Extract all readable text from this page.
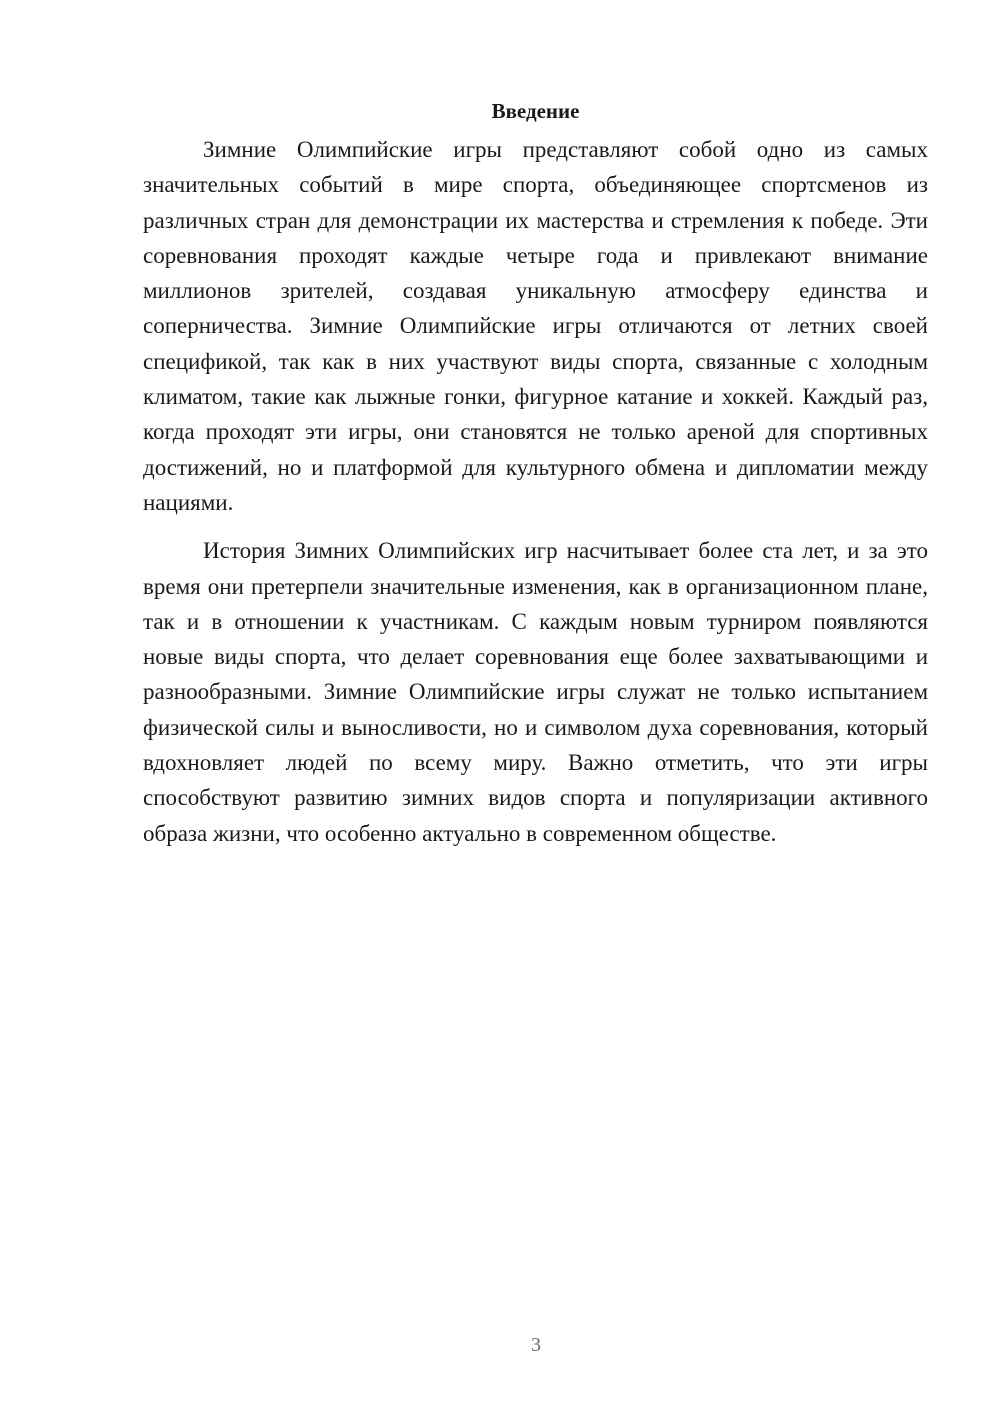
Введение

Зимние Олимпийские игры представляют собой одно из самых значительных событий в мире спорта, объединяющее спортсменов из различных стран для демонстрации их мастерства и стремления к победе. Эти соревнования проходят каждые четыре года и привлекают внимание миллионов зрителей, создавая уникальную атмосферу единства и соперничества. Зимние Олимпийские игры отличаются от летних своей спецификой, так как в них участвуют виды спорта, связанные с холодным климатом, такие как лыжные гонки, фигурное катание и хоккей. Каждый раз, когда проходят эти игры, они становятся не только ареной для спортивных достижений, но и платформой для культурного обмена и дипломатии между нациями.

История Зимних Олимпийских игр насчитывает более ста лет, и за это время они претерпели значительные изменения, как в организационном плане, так и в отношении к участникам. С каждым новым турниром появляются новые виды спорта, что делает соревнования еще более захватывающими и разнообразными. Зимние Олимпийские игры служат не только испытанием физической силы и выносливости, но и символом духа соревнования, который вдохновляет людей по всему миру. Важно отметить, что эти игры способствуют развитию зимних видов спорта и популяризации активного образа жизни, что особенно актуально в современном обществе.

3
